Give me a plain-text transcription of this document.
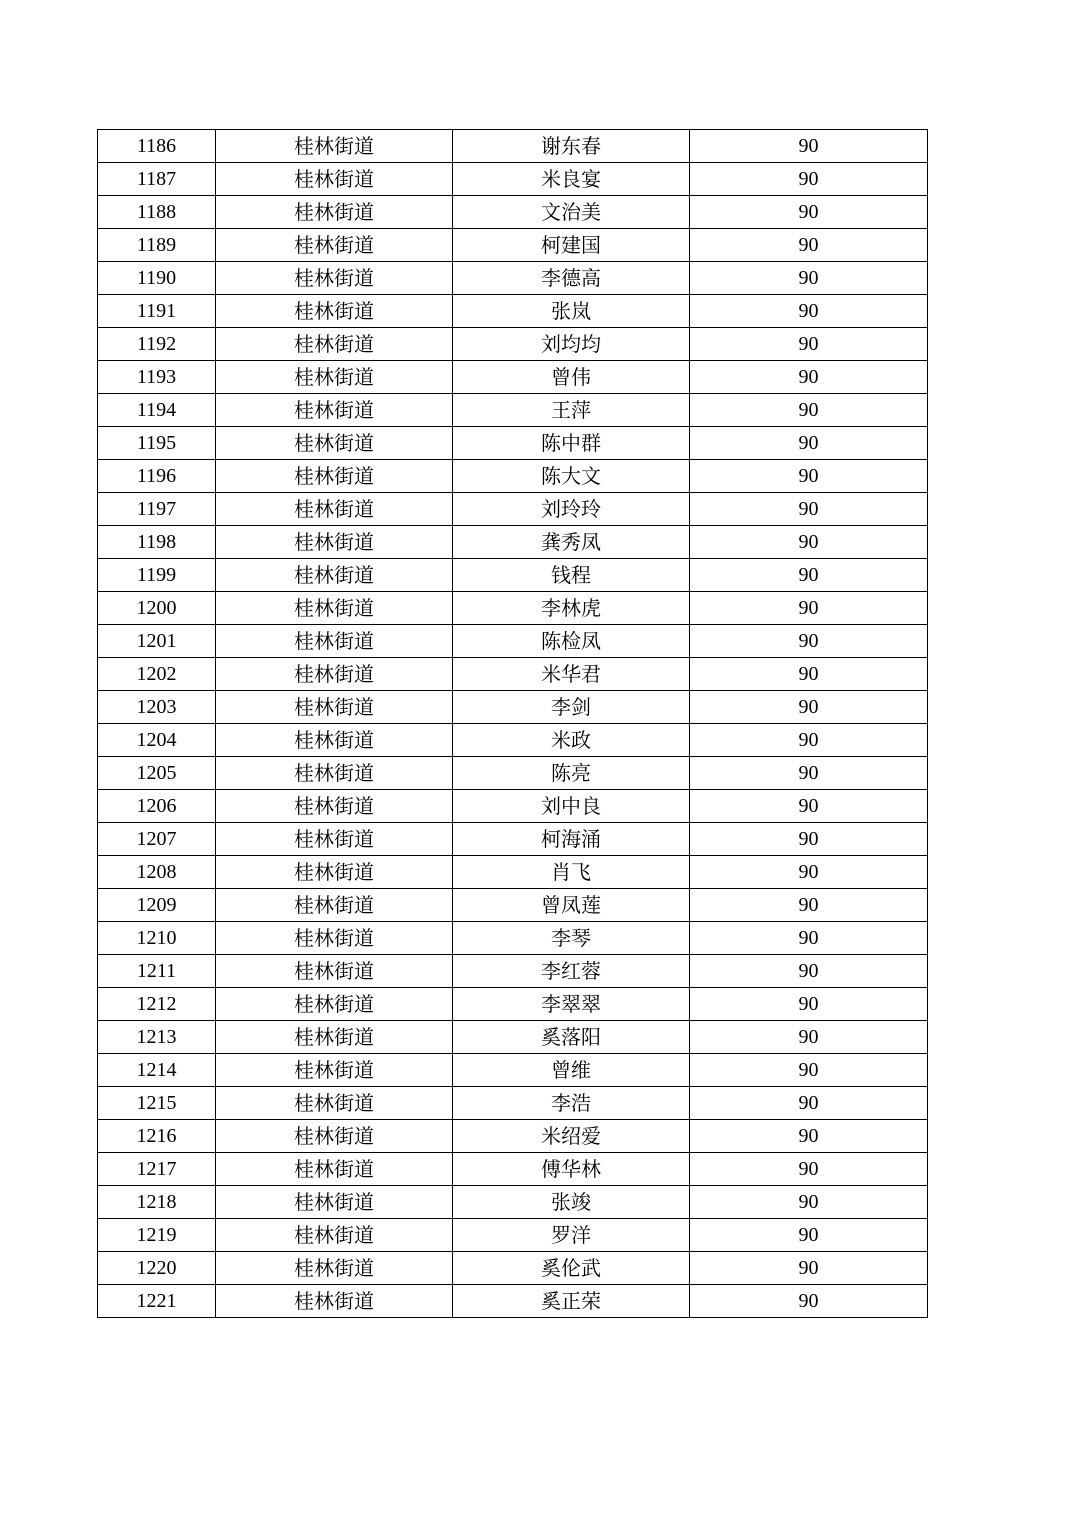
1186	桂林街道	谢东春	90
1187	桂林街道	米良宴	90
1188	桂林街道	文治美	90
1189	桂林街道	柯建国	90
1190	桂林街道	李德高	90
1191	桂林街道	张岚	90
1192	桂林街道	刘均均	90
1193	桂林街道	曾伟	90
1194	桂林街道	王萍	90
1195	桂林街道	陈中群	90
1196	桂林街道	陈大文	90
1197	桂林街道	刘玲玲	90
1198	桂林街道	龚秀凤	90
1199	桂林街道	钱程	90
1200	桂林街道	李林虎	90
1201	桂林街道	陈检凤	90
1202	桂林街道	米华君	90
1203	桂林街道	李剑	90
1204	桂林街道	米政	90
1205	桂林街道	陈亮	90
1206	桂林街道	刘中良	90
1207	桂林街道	柯海涌	90
1208	桂林街道	肖飞	90
1209	桂林街道	曾凤莲	90
1210	桂林街道	李琴	90
1211	桂林街道	李红蓉	90
1212	桂林街道	李翠翠	90
1213	桂林街道	奚落阳	90
1214	桂林街道	曾维	90
1215	桂林街道	李浩	90
1216	桂林街道	米绍爱	90
1217	桂林街道	傅华林	90
1218	桂林街道	张竣	90
1219	桂林街道	罗洋	90
1220	桂林街道	奚伦武	90
1221	桂林街道	奚正荣	90
